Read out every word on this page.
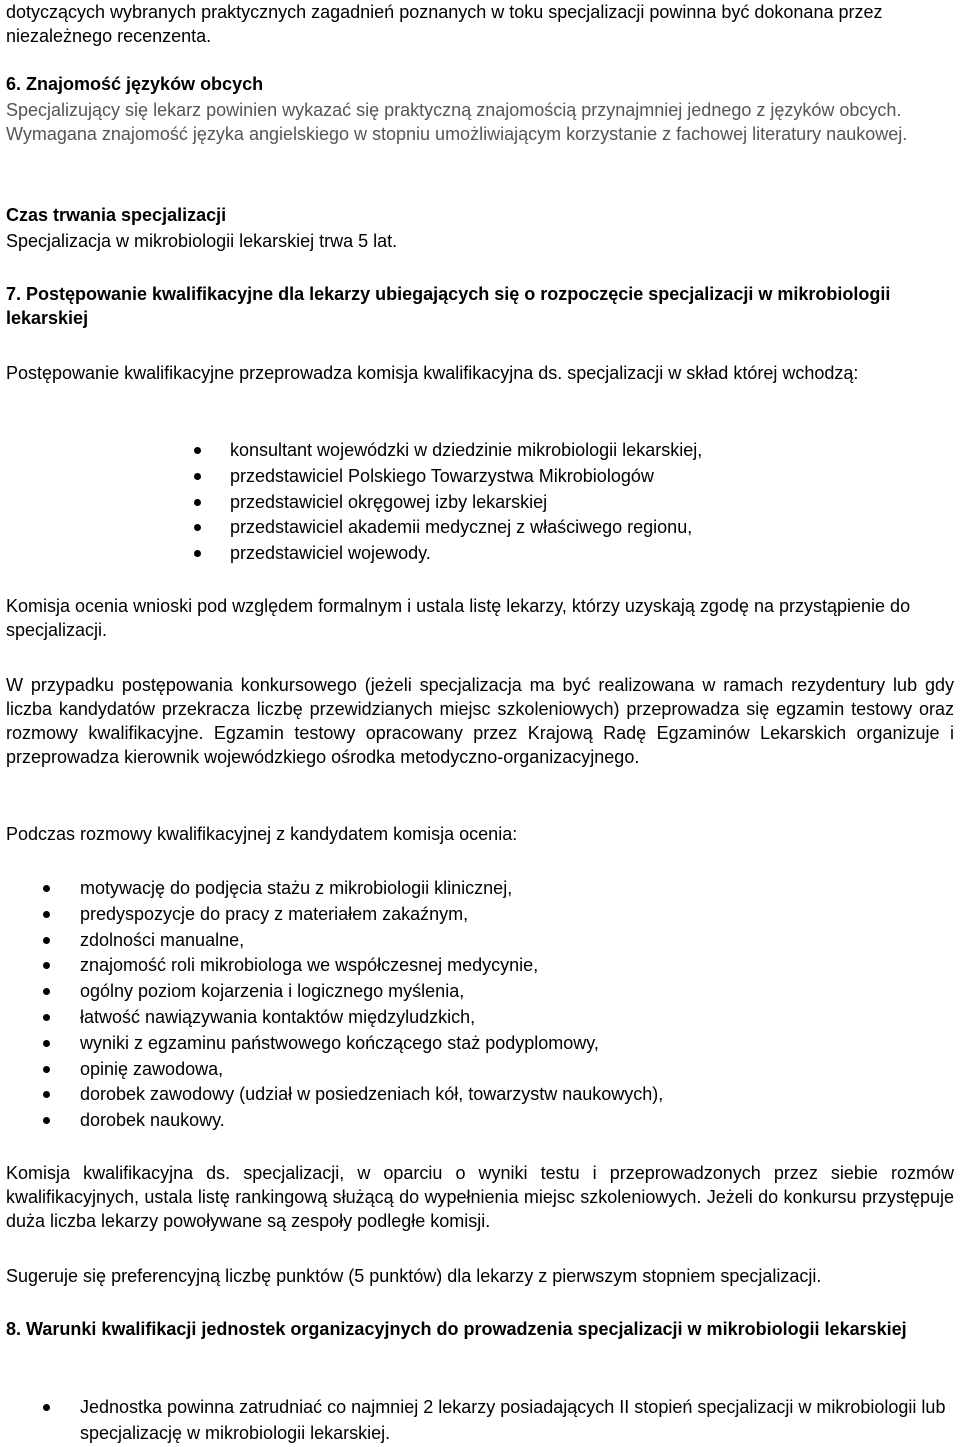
dotyczących wybranych praktycznych zagadnień poznanych w toku specjalizacji powinna być dokonana przez niezależnego recenzenta.

6. Znajomość języków obcych

Specjalizujący się lekarz powinien wykazać się praktyczną znajomością przynajmniej jednego z języków obcych. Wymagana znajomość języka angielskiego w stopniu umożliwiającym korzystanie z fachowej literatury naukowej.

Czas trwania specjalizacji

Specjalizacja w mikrobiologii lekarskiej trwa 5 lat.

7. Postępowanie kwalifikacyjne dla lekarzy ubiegających się o rozpoczęcie specjalizacji w mikrobiologii lekarskiej

Postępowanie kwalifikacyjne przeprowadza komisja kwalifikacyjna ds. specjalizacji w skład której wchodzą:

konsultant wojewódzki w dziedzinie mikrobiologii lekarskiej,
przedstawiciel Polskiego Towarzystwa Mikrobiologów
przedstawiciel okręgowej izby lekarskiej
przedstawiciel akademii medycznej z właściwego regionu,
przedstawiciel wojewody.

Komisja ocenia wnioski pod względem formalnym i ustala listę lekarzy, którzy uzyskają zgodę na przystąpienie do specjalizacji.

W przypadku postępowania konkursowego (jeżeli specjalizacja ma być realizowana w ramach rezydentury lub gdy liczba kandydatów przekracza liczbę przewidzianych miejsc szkoleniowych) przeprowadza się egzamin testowy oraz rozmowy kwalifikacyjne. Egzamin testowy opracowany przez Krajową Radę Egzaminów Lekarskich organizuje i przeprowadza kierownik wojewódzkiego ośrodka metodyczno-organizacyjnego.

Podczas rozmowy kwalifikacyjnej z kandydatem komisja ocenia:

motywację do podjęcia stażu z mikrobiologii klinicznej,
predyspozycje do pracy z materiałem zakaźnym,
zdolności manualne,
znajomość roli mikrobiologa we współczesnej medycynie,
ogólny poziom kojarzenia i logicznego myślenia,
łatwość nawiązywania kontaktów międzyludzkich,
wyniki z egzaminu państwowego kończącego staż podyplomowy,
opinię zawodowa,
dorobek zawodowy (udział w posiedzeniach kół, towarzystw naukowych),
dorobek naukowy.

Komisja kwalifikacyjna ds. specjalizacji, w oparciu o wyniki testu i przeprowadzonych przez siebie rozmów kwalifikacyjnych, ustala listę rankingową służącą do wypełnienia miejsc szkoleniowych. Jeżeli do konkursu przystępuje duża liczba lekarzy powoływane są zespoły podległe komisji.

Sugeruje się preferencyjną liczbę punktów (5 punktów) dla lekarzy z pierwszym stopniem specjalizacji.

8. Warunki kwalifikacji jednostek organizacyjnych do prowadzenia specjalizacji w mikrobiologii lekarskiej

Jednostka powinna zatrudniać co najmniej 2 lekarzy posiadających II stopień specjalizacji w mikrobiologii lub specjalizację w mikrobiologii lekarskiej.
